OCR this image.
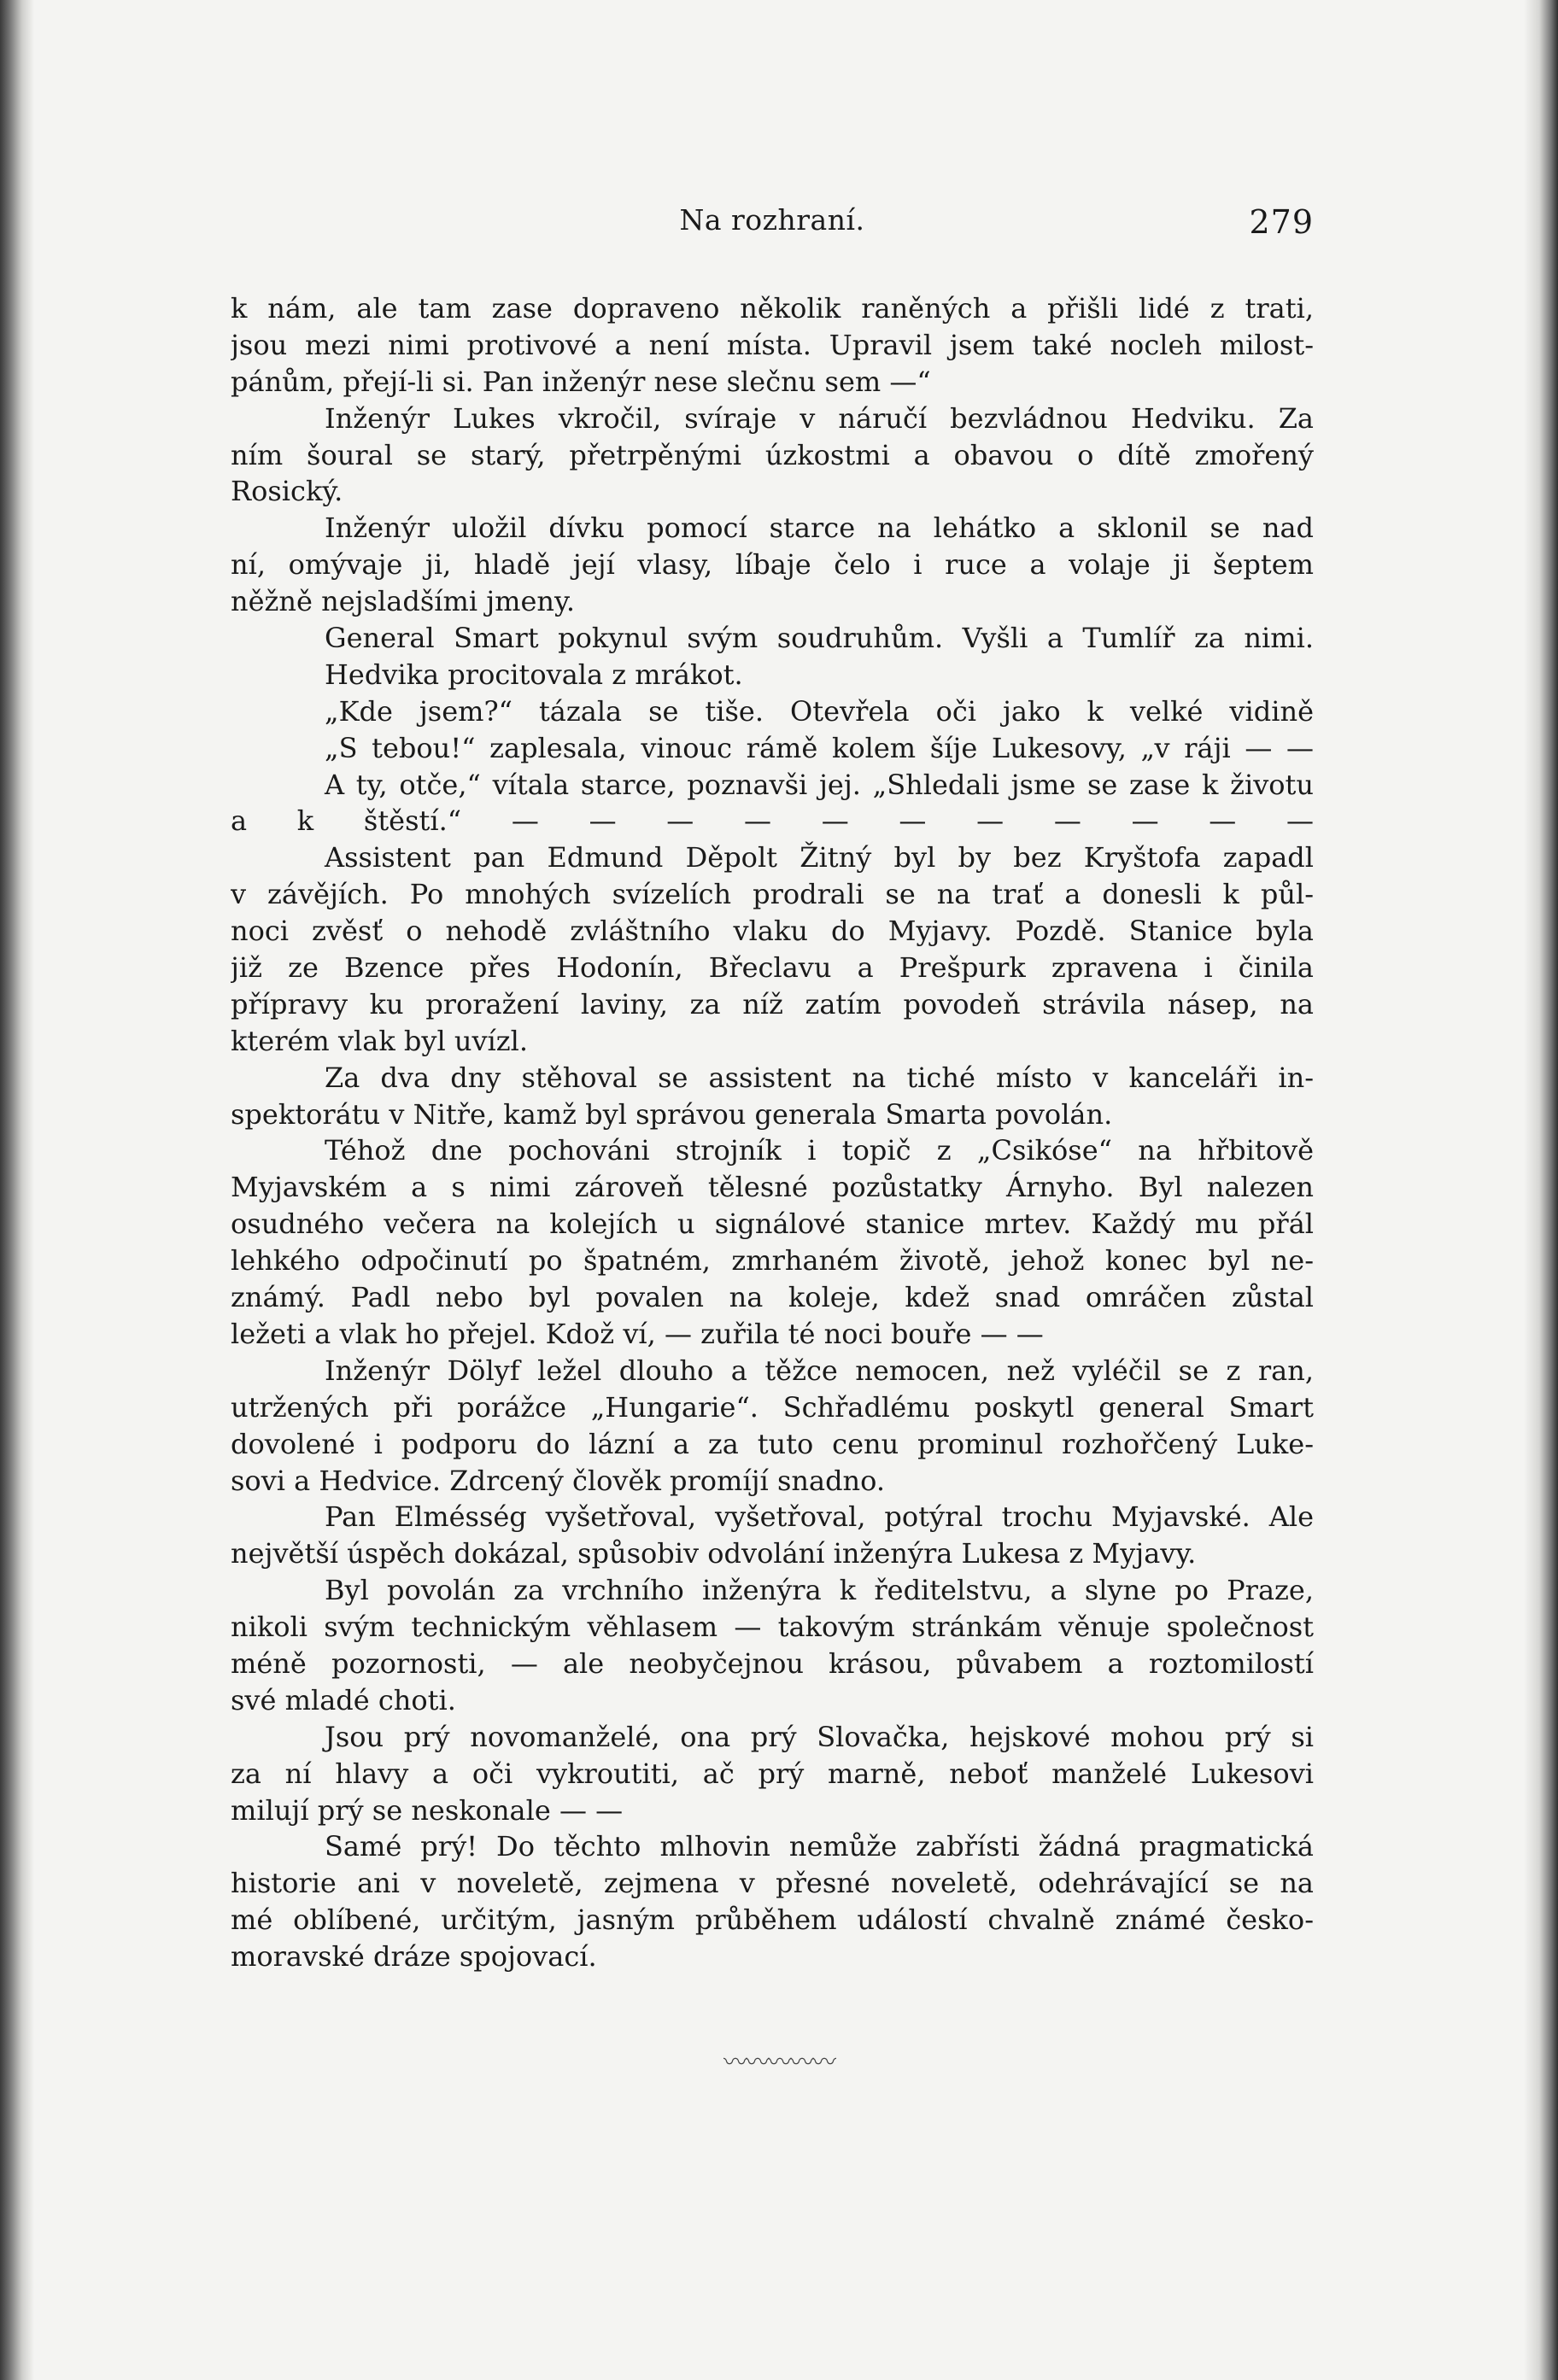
Na rozhraní.	279
k nám, ale tam zase dopraveno několik raněných a přišli lidé z trati,
jsou mezi nimi protivové a není místa. Upravil jsem také nocleh milost-
pánům, přejí-li si. Pan inženýr nese slečnu sem —“
Inženýr Lukes vkročil, svíraje v náručí bezvládnou Hedviku. Za
ním šoural se starý, přetrpěnými úzkostmi a obavou o dítě zmořený
Rosický.
Inženýr uložil dívku pomocí starce na lehátko a sklonil se nad
ní, omývaje ji, hladě její vlasy, líbaje čelo i ruce a volaje ji šeptem
něžně nejsladšími jmeny.
General Smart pokynul svým soudruhům. Vyšli a Tumlíř za nimi.
Hedvika procitovala z mrákot.
„Kde jsem?“ tázala se tiše. Otevřela oči jako k velké vidině
„S tebou!“ zaplesala, vinouc rámě kolem šíje Lukesovy, „v ráji — —
A ty, otče,“ vítala starce, poznavši jej. „Shledali jsme se zase k životu
a k štěstí.“ — — — — — — — — — — —
Assistent pan Edmund Děpolt Žitný byl by bez Kryštofa zapadl
v závějích. Po mnohých svízelích prodrali se na trať a donesli k půl-
noci zvěsť o nehodě zvláštního vlaku do Myjavy. Pozdě. Stanice byla
již ze Bzence přes Hodonín, Břeclavu a Prešpurk zpravena i činila
přípravy ku proražení laviny, za níž zatím povodeň strávila násep, na
kterém vlak byl uvízl.
Za dva dny stěhoval se assistent na tiché místo v kanceláři in-
spektorátu v Nitře, kamž byl správou generala Smarta povolán.
Téhož dne pochováni strojník i topič z „Csikóse“ na hřbitově
Myjavském a s nimi zároveň tělesné pozůstatky Árnyho. Byl nalezen
osudného večera na kolejích u signálové stanice mrtev. Každý mu přál
lehkého odpočinutí po špatném, zmrhaném životě, jehož konec byl ne-
známý. Padl nebo byl povalen na koleje, kdež snad omráčen zůstal
ležeti a vlak ho přejel. Kdož ví, — zuřila té noci bouře — —
Inženýr Dölyf ležel dlouho a těžce nemocen, než vyléčil se z ran,
utržených při porážce „Hungarie“. Schřadlému poskytl general Smart
dovolené i podporu do lázní a za tuto cenu prominul rozhořčený Luke-
sovi a Hedvice. Zdrcený člověk promíjí snadno.
Pan Elmésség vyšetřoval, vyšetřoval, potýral trochu Myjavské. Ale
největší úspěch dokázal, spůsobiv odvolání inženýra Lukesa z Myjavy.
Byl povolán za vrchního inženýra k ředitelstvu, a slyne po Praze,
nikoli svým technickým věhlasem — takovým stránkám věnuje společnost
méně pozornosti, — ale neobyčejnou krásou, půvabem a roztomilostí
své mladé choti.
Jsou prý novomanželé, ona prý Slovačka, hejskové mohou prý si
za ní hlavy a oči vykroutiti, ač prý marně, neboť manželé Lukesovi
milují prý se neskonale — —
Samé prý! Do těchto mlhovin nemůže zabřísti žádná pragmatická
historie ani v noveletě, zejmena v přesné noveletě, odehrávající se na
mé oblíbené, určitým, jasným průběhem událostí chvalně známé česko-
moravské dráze spojovací.
〰〰〰〰〰
